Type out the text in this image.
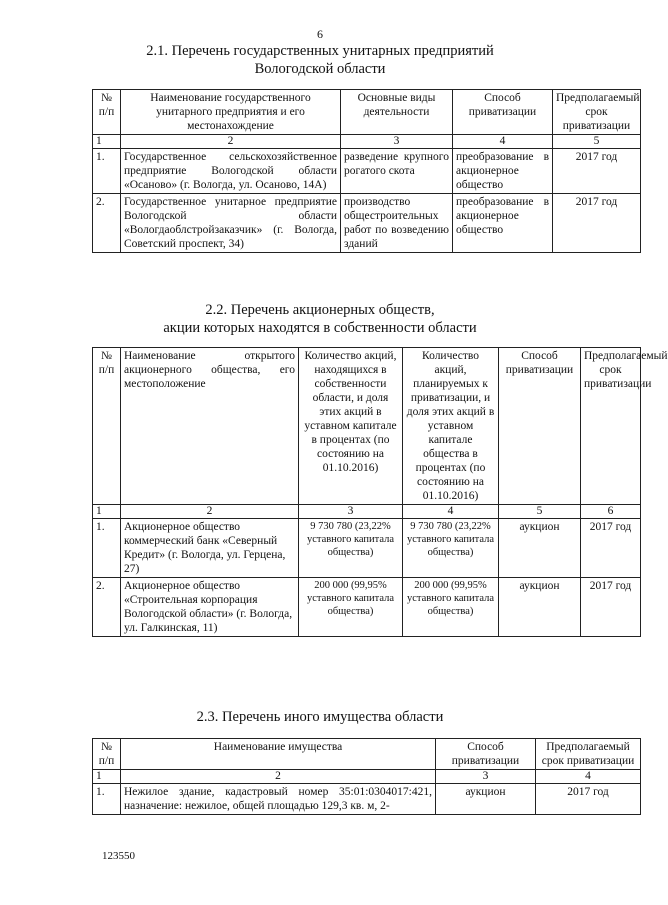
6
2.1. Перечень государственных унитарных предприятий
Вологодской области
№ п/п	Наименование государственного унитарного предприятия и его местонахождение	Основные виды деятельности	Способ приватизации	Предполагаемый срок приватизации
1	2	3	4	5
1.	Государственное сельскохозяйственное предприятие Вологодской области «Осаново» (г. Вологда, ул. Осаново, 14А)	разведение крупного рогатого скота	преобразование в акционерное общество	2017 год
2.	Государственное унитарное предприятие Вологодской области «Вологдаоблстройзаказчик» (г. Вологда, Советский проспект, 34)	производство общестроительных работ по возведению зданий	преобразование в акционерное общество	2017 год
2.2. Перечень акционерных обществ,
акции которых находятся в собственности области
№ п/п	Наименование открытого акционерного общества, его местоположение	Количество акций, находящихся в собственности области, и доля этих акций в уставном капитале в процентах (по состоянию на 01.10.2016)	Количество акций, планируемых к приватизации, и доля этих акций в уставном капитале общества в процентах (по состоянию на 01.10.2016)	Способ приватизации	Предполагаемый срок приватизации
1	2	3	4	5	6
1.	Акционерное общество коммерческий банк «Северный Кредит» (г. Вологда, ул. Герцена, 27)	9 730 780 (23,22% уставного капитала общества)	9 730 780 (23,22% уставного капитала общества)	аукцион	2017 год
2.	Акционерное общество «Строительная корпорация Вологодской области» (г. Вологда, ул. Галкинская, 11)	200 000 (99,95% уставного капитала общества)	200 000 (99,95% уставного капитала общества)	аукцион	2017 год
2.3. Перечень иного имущества области
№ п/п	Наименование имущества	Способ приватизации	Предполагаемый срок приватизации
1	2	3	4
1.	Нежилое здание, кадастровый номер 35:01:0304017:421, назначение: нежилое, общей площадью 129,3 кв. м, 2-	аукцион	2017 год
123550
